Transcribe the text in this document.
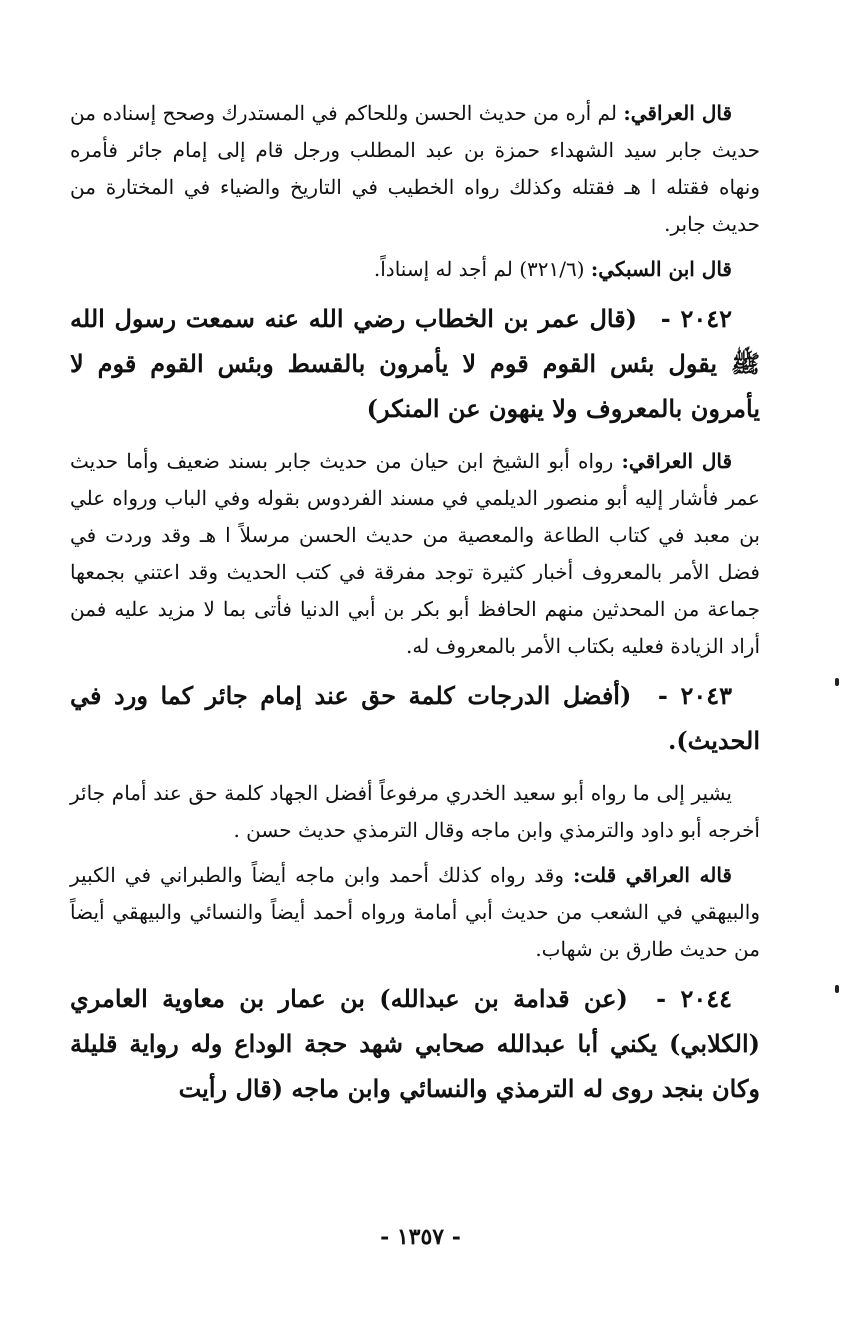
قال العراقي: لم أره من حديث الحسن وللحاكم في المستدرك وصحح إسناده من حديث جابر سيد الشهداء حمزة بن عبد المطلب ورجل قام إلى إمام جائر فأمره ونهاه فقتله ا هـ فقتله وكذلك رواه الخطيب في التاريخ والضياء في المختارة من حديث جابر.

قال ابن السبكي: (٣٢١/٦) لم أجد له إسناداً.

٢٠٤٢ - (قال عمر بن الخطاب رضي الله عنه سمعت رسول الله ﷺ يقول بئس القوم قوم لا يأمرون بالقسط وبئس القوم قوم لا يأمرون بالمعروف ولا ينهون عن المنكر)

قال العراقي: رواه أبو الشيخ ابن حيان من حديث جابر بسند ضعيف وأما حديث عمر فأشار إليه أبو منصور الديلمي في مسند الفردوس بقوله وفي الباب ورواه علي بن معبد في كتاب الطاعة والمعصية من حديث الحسن مرسلاً ا هـ وقد وردت في فضل الأمر بالمعروف أخبار كثيرة توجد مفرقة في كتب الحديث وقد اعتني بجمعها جماعة من المحدثين منهم الحافظ أبو بكر بن أبي الدنيا فأتى بما لا مزيد عليه فمن أراد الزيادة فعليه بكتاب الأمر بالمعروف له.

٢٠٤٣ - (أفضل الدرجات كلمة حق عند إمام جائر كما ورد في الحديث).

يشير إلى ما رواه أبو سعيد الخدري مرفوعاً أفضل الجهاد كلمة حق عند أمام جائر أخرجه أبو داود والترمذي وابن ماجه وقال الترمذي حديث حسن .

قاله العراقي قلت: وقد رواه كذلك أحمد وابن ماجه أيضاً والطبراني في الكبير والبيهقي في الشعب من حديث أبي أمامة ورواه أحمد أيضاً والنسائي والبيهقي أيضاً من حديث طارق بن شهاب.

٢٠٤٤ - (عن قدامة بن عبدالله) بن عمار بن معاوية العامري (الكلابي) يكني أبا عبدالله صحابي شهد حجة الوداع وله رواية قليلة وكان بنجد روى له الترمذي والنسائي وابن ماجه (قال رأيت

- ١٣٥٧ -
